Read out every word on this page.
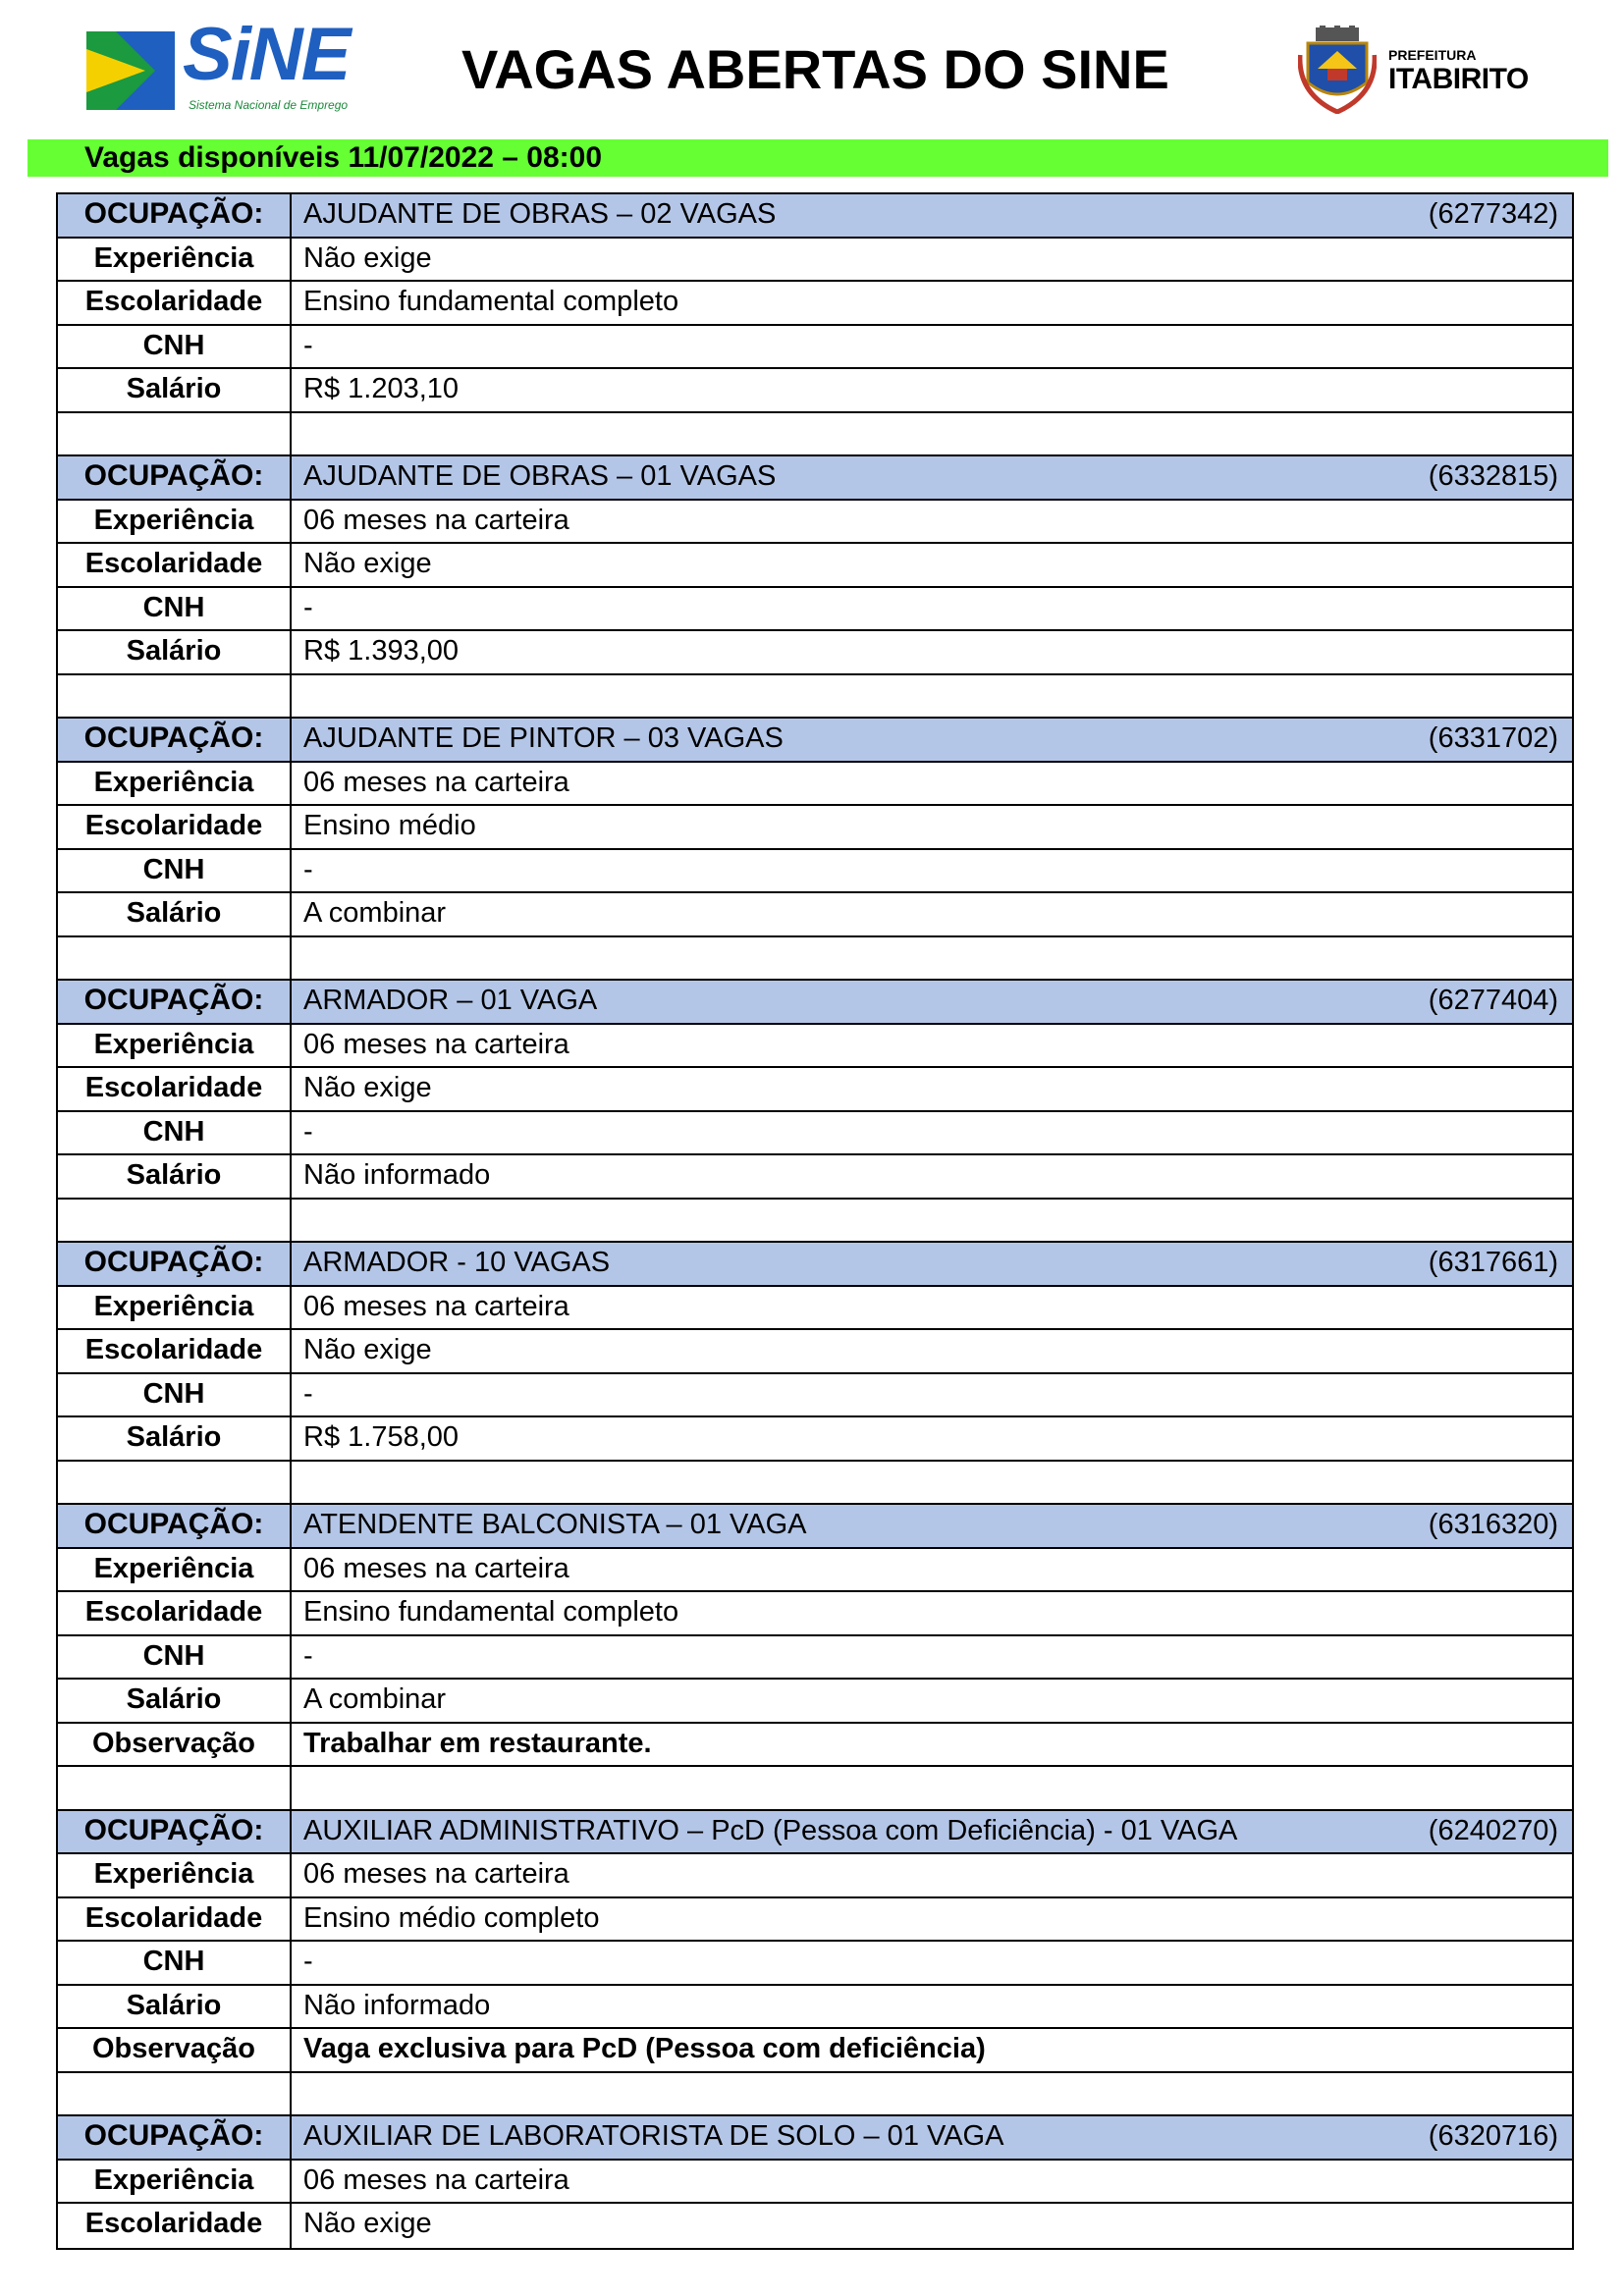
SiNE
Sistema Nacional de Emprego
VAGAS ABERTAS DO SINE	PREFEITURA
ITABIRITO
Vagas disponíveis 11/07/2022 – 08:00
OCUPAÇÃO:	AJUDANTE DE OBRAS – 02 VAGAS	(6277342)
Experiência	Não exige
Escolaridade	Ensino fundamental completo
CNH	-
Salário	R$ 1.203,10
OCUPAÇÃO:	AJUDANTE DE OBRAS – 01 VAGAS	(6332815)
Experiência	06 meses na carteira
Escolaridade	Não exige
CNH	-
Salário	R$ 1.393,00
OCUPAÇÃO:	AJUDANTE DE PINTOR – 03 VAGAS	(6331702)
Experiência	06 meses na carteira
Escolaridade	Ensino médio
CNH	-
Salário	A combinar
OCUPAÇÃO:	ARMADOR – 01 VAGA	(6277404)
Experiência	06 meses na carteira
Escolaridade	Não exige
CNH	-
Salário	Não informado
OCUPAÇÃO:	ARMADOR - 10 VAGAS	(6317661)
Experiência	06 meses na carteira
Escolaridade	Não exige
CNH	-
Salário	R$ 1.758,00
OCUPAÇÃO:	ATENDENTE BALCONISTA – 01 VAGA	(6316320)
Experiência	06 meses na carteira
Escolaridade	Ensino fundamental completo
CNH	-
Salário	A combinar
Observação	Trabalhar em restaurante.
OCUPAÇÃO:	AUXILIAR ADMINISTRATIVO – PcD (Pessoa com Deficiência) - 01 VAGA	(6240270)
Experiência	06 meses na carteira
Escolaridade	Ensino médio completo
CNH	-
Salário	Não informado
Observação	Vaga exclusiva para PcD (Pessoa com deficiência)
OCUPAÇÃO:	AUXILIAR DE LABORATORISTA DE SOLO – 01 VAGA	(6320716)
Experiência	06 meses na carteira
Escolaridade	Não exige
